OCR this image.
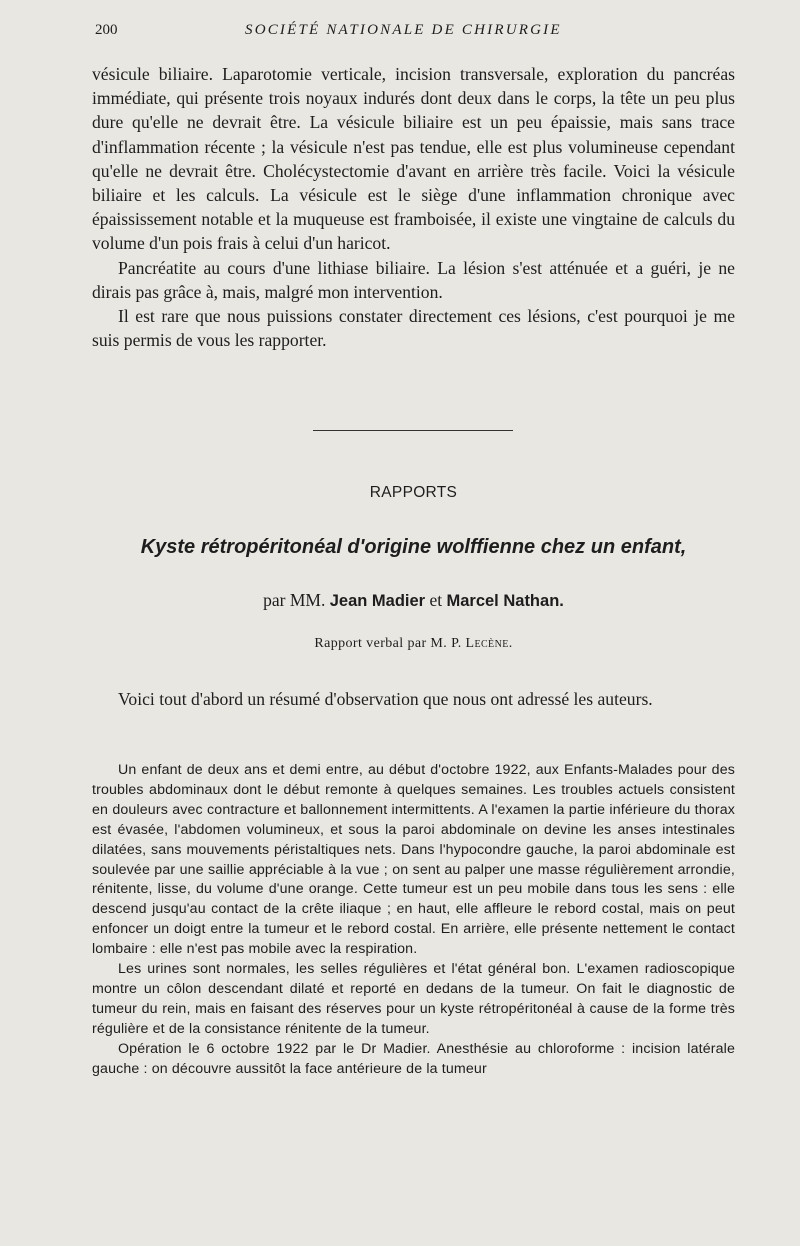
200	SOCIÉTÉ NATIONALE DE CHIRURGIE

vésicule biliaire. Laparotomie verticale, incision transversale, exploration du pancréas immédiate, qui présente trois noyaux indurés dont deux dans le corps, la tête un peu plus dure qu'elle ne devrait être. La vésicule biliaire est un peu épaissie, mais sans trace d'inflammation récente ; la vésicule n'est pas tendue, elle est plus volumineuse cependant qu'elle ne devrait être. Cholécystectomie d'avant en arrière très facile. Voici la vésicule biliaire et les calculs. La vésicule est le siège d'une inflammation chronique avec épaississement notable et la muqueuse est framboisée, il existe une vingtaine de calculs du volume d'un pois frais à celui d'un haricot.

Pancréatite au cours d'une lithiase biliaire. La lésion s'est atténuée et a guéri, je ne dirais pas grâce à, mais, malgré mon intervention.

Il est rare que nous puissions constater directement ces lésions, c'est pourquoi je me suis permis de vous les rapporter.

RAPPORTS
Kyste rétropéritonéal d'origine wolffienne chez un enfant,
par MM. Jean Madier et Marcel Nathan.
Rapport verbal par M. P. Lecène.

Voici tout d'abord un résumé d'observation que nous ont adressé les auteurs.

Un enfant de deux ans et demi entre, au début d'octobre 1922, aux Enfants-Malades pour des troubles abdominaux dont le début remonte à quelques semaines. Les troubles actuels consistent en douleurs avec contracture et ballonnement intermittents. A l'examen la partie inférieure du thorax est évasée, l'abdomen volumineux, et sous la paroi abdominale on devine les anses intestinales dilatées, sans mouvements péristaltiques nets. Dans l'hypocondre gauche, la paroi abdominale est soulevée par une saillie appréciable à la vue ; on sent au palper une masse régulièrement arrondie, rénitente, lisse, du volume d'une orange. Cette tumeur est un peu mobile dans tous les sens : elle descend jusqu'au contact de la crête iliaque ; en haut, elle affleure le rebord costal, mais on peut enfoncer un doigt entre la tumeur et le rebord costal. En arrière, elle présente nettement le contact lombaire : elle n'est pas mobile avec la respiration.

Les urines sont normales, les selles régulières et l'état général bon. L'examen radioscopique montre un côlon descendant dilaté et reporté en dedans de la tumeur. On fait le diagnostic de tumeur du rein, mais en faisant des réserves pour un kyste rétropéritonéal à cause de la forme très régulière et de la consistance rénitente de la tumeur.

Opération le 6 octobre 1922 par le Dr Madier. Anesthésie au chloroforme : incision latérale gauche : on découvre aussitôt la face antérieure de la tumeur
